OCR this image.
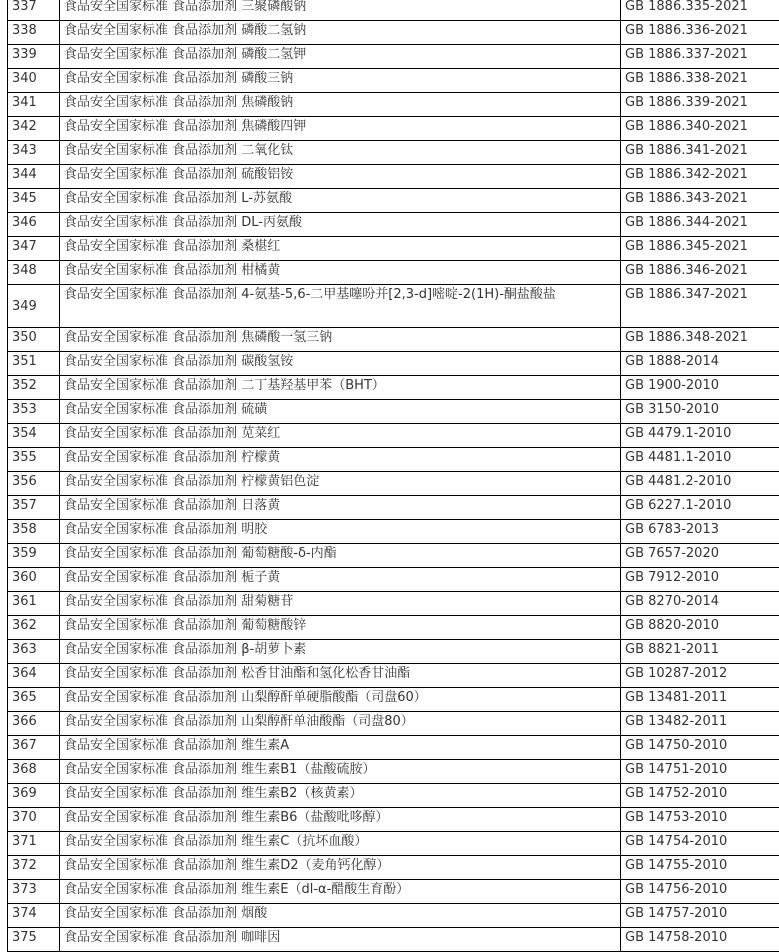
337	食品安全国家标准 食品添加剂 三聚磷酸钠	GB 1886.335-2021
338	食品安全国家标准 食品添加剂 磷酸二氢钠	GB 1886.336-2021
339	食品安全国家标准 食品添加剂 磷酸二氢钾	GB 1886.337-2021
340	食品安全国家标准 食品添加剂 磷酸三钠	GB 1886.338-2021
341	食品安全国家标准 食品添加剂 焦磷酸钠	GB 1886.339-2021
342	食品安全国家标准 食品添加剂 焦磷酸四钾	GB 1886.340-2021
343	食品安全国家标准 食品添加剂 二氧化钛	GB 1886.341-2021
344	食品安全国家标准 食品添加剂 硫酸铝铵	GB 1886.342-2021
345	食品安全国家标准 食品添加剂 L-苏氨酸	GB 1886.343-2021
346	食品安全国家标准 食品添加剂 DL-丙氨酸	GB 1886.344-2021
347	食品安全国家标准 食品添加剂 桑椹红	GB 1886.345-2021
348	食品安全国家标准 食品添加剂 柑橘黄	GB 1886.346-2021
349	食品安全国家标准 食品添加剂 4-氨基-5,6-二甲基噻吩并[2,3-d]嘧啶-2(1H)-酮盐酸盐	GB 1886.347-2021
350	食品安全国家标准 食品添加剂 焦磷酸一氢三钠	GB 1886.348-2021
351	食品安全国家标准 食品添加剂 碳酸氢铵	GB 1888-2014
352	食品安全国家标准 食品添加剂 二丁基羟基甲苯（BHT）	GB 1900-2010
353	食品安全国家标准 食品添加剂 硫磺	GB 3150-2010
354	食品安全国家标准 食品添加剂 苋菜红	GB 4479.1-2010
355	食品安全国家标准 食品添加剂 柠檬黄	GB 4481.1-2010
356	食品安全国家标准 食品添加剂 柠檬黄铝色淀	GB 4481.2-2010
357	食品安全国家标准 食品添加剂 日落黄	GB 6227.1-2010
358	食品安全国家标准 食品添加剂 明胶	GB 6783-2013
359	食品安全国家标准 食品添加剂 葡萄糖酸-δ-内酯	GB 7657-2020
360	食品安全国家标准 食品添加剂 栀子黄	GB 7912-2010
361	食品安全国家标准 食品添加剂 甜菊糖苷	GB 8270-2014
362	食品安全国家标准 食品添加剂 葡萄糖酸锌	GB 8820-2010
363	食品安全国家标准 食品添加剂 β-胡萝卜素	GB 8821-2011
364	食品安全国家标准 食品添加剂 松香甘油酯和氢化松香甘油酯	GB 10287-2012
365	食品安全国家标准 食品添加剂 山梨醇酐单硬脂酸酯（司盘60）	GB 13481-2011
366	食品安全国家标准 食品添加剂 山梨醇酐单油酸酯（司盘80）	GB 13482-2011
367	食品安全国家标准 食品添加剂 维生素A	GB 14750-2010
368	食品安全国家标准 食品添加剂 维生素B1（盐酸硫胺）	GB 14751-2010
369	食品安全国家标准 食品添加剂 维生素B2（核黄素）	GB 14752-2010
370	食品安全国家标准 食品添加剂 维生素B6（盐酸吡哆醇）	GB 14753-2010
371	食品安全国家标准 食品添加剂 维生素C（抗坏血酸）	GB 14754-2010
372	食品安全国家标准 食品添加剂 维生素D2（麦角钙化醇）	GB 14755-2010
373	食品安全国家标准 食品添加剂 维生素E（dl-α-醋酸生育酚）	GB 14756-2010
374	食品安全国家标准 食品添加剂 烟酸	GB 14757-2010
375	食品安全国家标准 食品添加剂 咖啡因	GB 14758-2010
